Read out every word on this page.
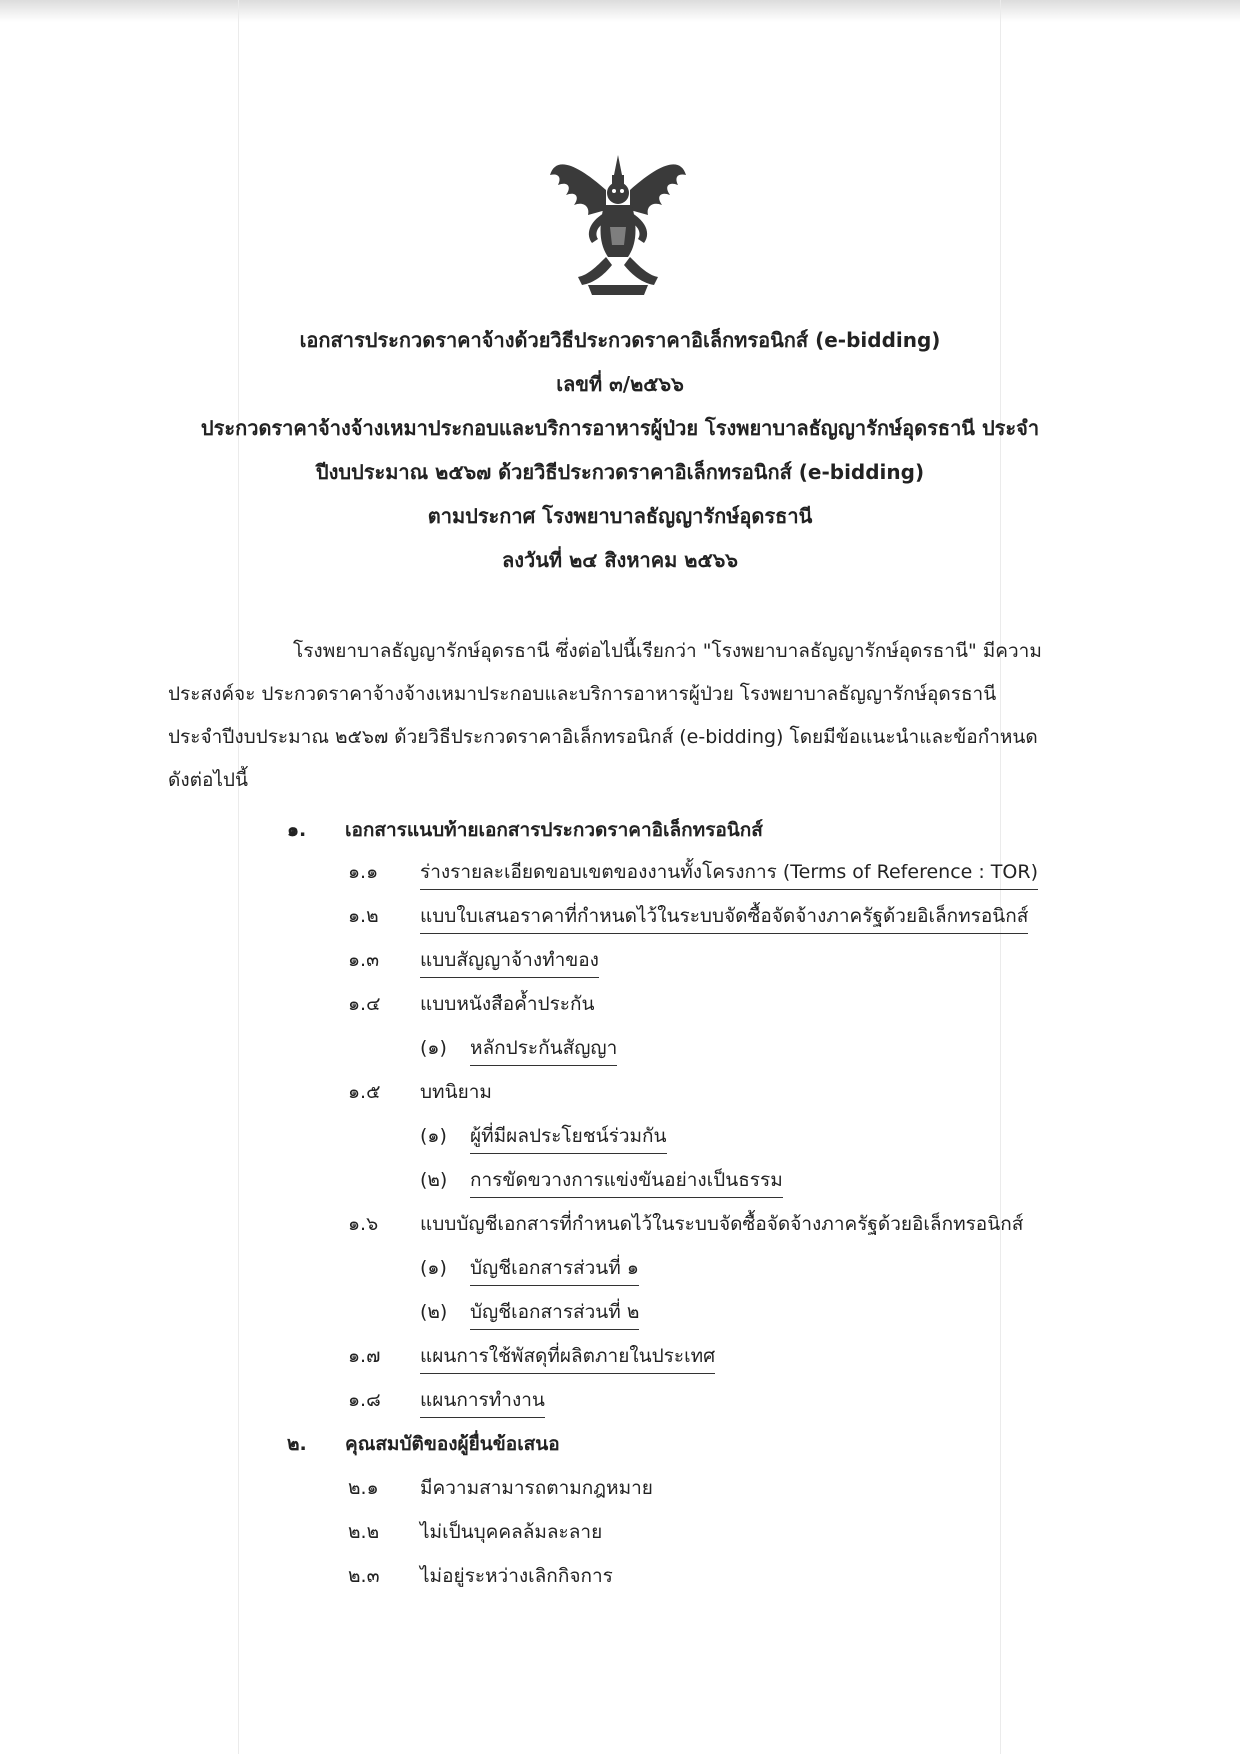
เอกสารประกวดราคาจ้างด้วยวิธีประกวดราคาอิเล็กทรอนิกส์ (e-bidding)
เลขที่ ๓/๒๕๖๖
ประกวดราคาจ้างจ้างเหมาประกอบและบริการอาหารผู้ป่วย โรงพยาบาลธัญญารักษ์อุดรธานี ประจำ
ปีงบประมาณ ๒๕๖๗ ด้วยวิธีประกวดราคาอิเล็กทรอนิกส์ (e-bidding)
ตามประกาศ โรงพยาบาลธัญญารักษ์อุดรธานี
ลงวันที่ ๒๔ สิงหาคม ๒๕๖๖
โรงพยาบาลธัญญารักษ์อุดรธานี ซึ่งต่อไปนี้เรียกว่า "โรงพยาบาลธัญญารักษ์อุดรธานี" มีความ
ประสงค์จะ ประกวดราคาจ้างจ้างเหมาประกอบและบริการอาหารผู้ป่วย โรงพยาบาลธัญญารักษ์อุดรธานี
ประจำปีงบประมาณ ๒๕๖๗ ด้วยวิธีประกวดราคาอิเล็กทรอนิกส์ (e-bidding) โดยมีข้อแนะนำและข้อกำหนด
ดังต่อไปนี้
๑. เอกสารแนบท้ายเอกสารประกวดราคาอิเล็กทรอนิกส์
๑.๑ ร่างรายละเอียดขอบเขตของงานทั้งโครงการ (Terms of Reference : TOR)
๑.๒ แบบใบเสนอราคาที่กำหนดไว้ในระบบจัดซื้อจัดจ้างภาครัฐด้วยอิเล็กทรอนิกส์
๑.๓ แบบสัญญาจ้างทำของ
๑.๔ แบบหนังสือค้ำประกัน
(๑) หลักประกันสัญญา
๑.๕ บทนิยาม
(๑) ผู้ที่มีผลประโยชน์ร่วมกัน
(๒) การขัดขวางการแข่งขันอย่างเป็นธรรม
๑.๖ แบบบัญชีเอกสารที่กำหนดไว้ในระบบจัดซื้อจัดจ้างภาครัฐด้วยอิเล็กทรอนิกส์
(๑) บัญชีเอกสารส่วนที่ ๑
(๒) บัญชีเอกสารส่วนที่ ๒
๑.๗ แผนการใช้พัสดุที่ผลิตภายในประเทศ
๑.๘ แผนการทำงาน
๒. คุณสมบัติของผู้ยื่นข้อเสนอ
๒.๑ มีความสามารถตามกฎหมาย
๒.๒ ไม่เป็นบุคคลล้มละลาย
๒.๓ ไม่อยู่ระหว่างเลิกกิจการ
